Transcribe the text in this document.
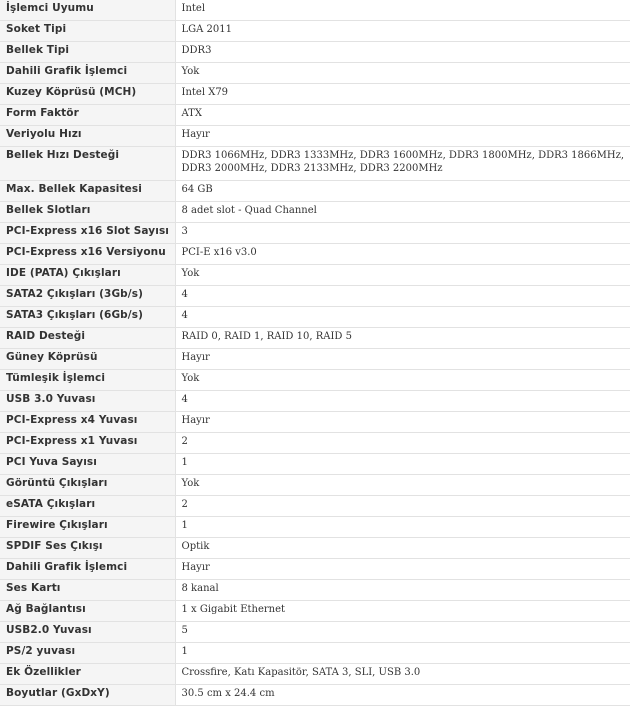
İşlemci Uyumu	Intel
Soket Tipi	LGA 2011
Bellek Tipi	DDR3
Dahili Grafik İşlemci	Yok
Kuzey Köprüsü (MCH)	Intel X79
Form Faktör	ATX
Veriyolu Hızı	Hayır
Bellek Hızı Desteği	DDR3 1066MHz, DDR3 1333MHz, DDR3 1600MHz, DDR3 1800MHz, DDR3 1866MHz, DDR3 2000MHz, DDR3 2133MHz, DDR3 2200MHz
Max. Bellek Kapasitesi	64 GB
Bellek Slotları	8 adet slot - Quad Channel
PCI-Express x16 Slot Sayısı	3
PCI-Express x16 Versiyonu	PCI-E x16 v3.0
IDE (PATA) Çıkışları	Yok
SATA2 Çıkışları (3Gb/s)	4
SATA3 Çıkışları (6Gb/s)	4
RAID Desteği	RAID 0, RAID 1, RAID 10, RAID 5
Güney Köprüsü	Hayır
Tümleşik İşlemci	Yok
USB 3.0 Yuvası	4
PCI-Express x4 Yuvası	Hayır
PCI-Express x1 Yuvası	2
PCI Yuva Sayısı	1
Görüntü Çıkışları	Yok
eSATA Çıkışları	2
Firewire Çıkışları	1
SPDIF Ses Çıkışı	Optik
Dahili Grafik İşlemci	Hayır
Ses Kartı	8 kanal
Ağ Bağlantısı	1 x Gigabit Ethernet
USB2.0 Yuvası	5
PS/2 yuvası	1
Ek Özellikler	Crossfire, Katı Kapasitör, SATA 3, SLI, USB 3.0
Boyutlar (GxDxY)	30.5 cm x 24.4 cm
